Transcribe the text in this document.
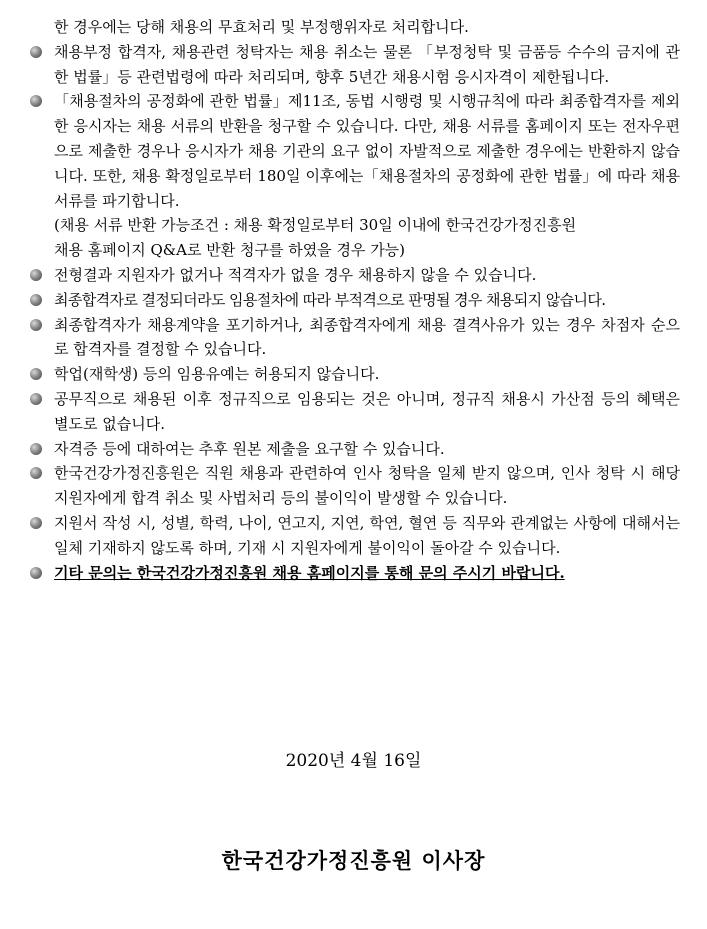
한 경우에는 당해 채용의 무효처리 및 부정행위자로 처리합니다.
채용부정 합격자, 채용관련 청탁자는 채용 취소는 물론 「부정청탁 및 금품등 수수의 금지에 관한 법률」등 관련법령에 따라 처리되며, 향후 5년간 채용시험 응시자격이 제한됩니다.
「채용절차의 공정화에 관한 법률」제11조, 동법 시행령 및 시행규칙에 따라 최종합격자를 제외한 응시자는 채용 서류의 반환을 청구할 수 있습니다. 다만, 채용 서류를 홈페이지 또는 전자우편으로 제출한 경우나 응시자가 채용 기관의 요구 없이 자발적으로 제출한 경우에는 반환하지 않습니다. 또한, 채용 확정일로부터 180일 이후에는「채용절차의 공정화에 관한 법률」에 따라 채용 서류를 파기합니다.
(채용 서류 반환 가능조건 : 채용 확정일로부터 30일 이내에 한국건강가정진흥원
채용 홈페이지 Q&A로 반환 청구를 하였을 경우 가능)
전형결과 지원자가 없거나 적격자가 없을 경우 채용하지 않을 수 있습니다.
최종합격자로 결정되더라도 임용절차에 따라 부적격으로 판명될 경우 채용되지 않습니다.
최종합격자가 채용계약을 포기하거나, 최종합격자에게 채용 결격사유가 있는 경우 차점자 순으로 합격자를 결정할 수 있습니다.
학업(재학생) 등의 임용유예는 허용되지 않습니다.
공무직으로 채용된 이후 정규직으로 임용되는 것은 아니며, 정규직 채용시 가산점 등의 혜택은 별도로 없습니다.
자격증 등에 대하여는 추후 원본 제출을 요구할 수 있습니다.
한국건강가정진흥원은 직원 채용과 관련하여 인사 청탁을 일체 받지 않으며, 인사 청탁 시 해당 지원자에게 합격 취소 및 사법처리 등의 불이익이 발생할 수 있습니다.
지원서 작성 시, 성별, 학력, 나이, 연고지, 지연, 학연, 혈연 등 직무와 관계없는 사항에 대해서는 일체 기재하지 않도록 하며, 기재 시 지원자에게 불이익이 돌아갈 수 있습니다.
기타 문의는 한국건강가정진흥원 채용 홈페이지를 통해 문의 주시기 바랍니다.
2020년 4월 16일
한국건강가정진흥원 이사장
